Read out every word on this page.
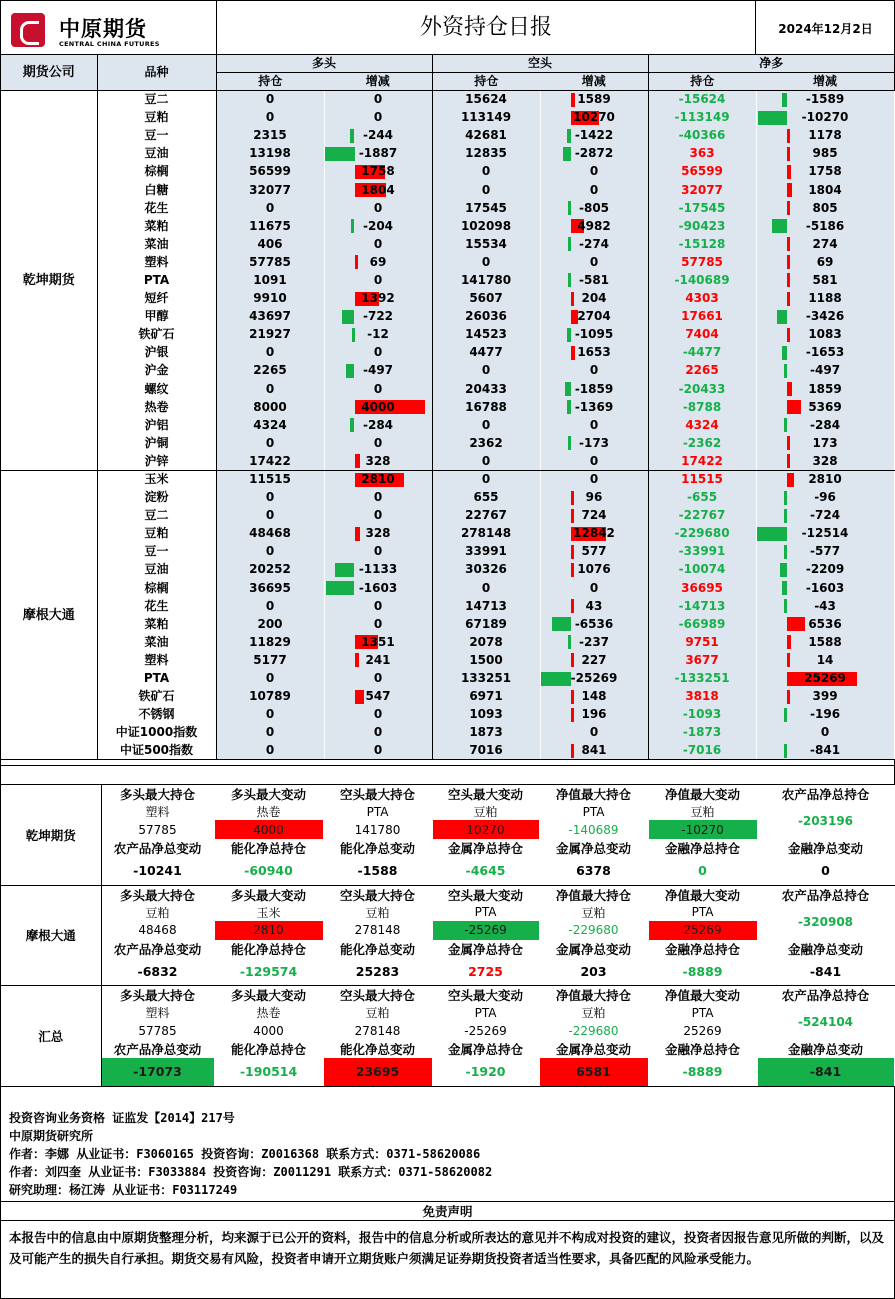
中原期货
CENTRAL CHINA FUTURES
外资持仓日报	2024年12月2日
期货公司	品种	多头		空头		净多	
		持仓	增减	持仓	增减	持仓	增减
乾坤期货	豆二	0	0	15624	1589	-15624	-1589
	豆粕	0	0	113149	10270	-113149	-10270
	豆一	2315	-244	42681	-1422	-40366	1178
	豆油	13198	-1887	12835	-2872	363	985
	棕榈	56599	1758	0	0	56599	1758
	白糖	32077	1804	0	0	32077	1804
	花生	0	0	17545	-805	-17545	805
	菜粕	11675	-204	102098	4982	-90423	-5186
	菜油	406	0	15534	-274	-15128	274
	塑料	57785	69	0	0	57785	69
	PTA	1091	0	141780	-581	-140689	581
	短纤	9910	1392	5607	204	4303	1188
	甲醇	43697	-722	26036	2704	17661	-3426
	铁矿石	21927	-12	14523	-1095	7404	1083
	沪银	0	0	4477	1653	-4477	-1653
	沪金	2265	-497	0	0	2265	-497
	螺纹	0	0	20433	-1859	-20433	1859
	热卷	8000	4000	16788	-1369	-8788	5369
	沪铝	4324	-284	0	0	4324	-284
	沪铜	0	0	2362	-173	-2362	173
	沪锌	17422	328	0	0	17422	328
摩根大通	玉米	11515	2810	0	0	11515	2810
	淀粉	0	0	655	96	-655	-96
	豆二	0	0	22767	724	-22767	-724
	豆粕	48468	328	278148	12842	-229680	-12514
	豆一	0	0	33991	577	-33991	-577
	豆油	20252	-1133	30326	1076	-10074	-2209
	棕榈	36695	-1603	0	0	36695	-1603
	花生	0	0	14713	43	-14713	-43
	菜粕	200	0	67189	-6536	-66989	6536
	菜油	11829	1351	2078	-237	9751	1588
	塑料	5177	241	1500	227	3677	14
	PTA	0	0	133251	-25269	-133251	25269
	铁矿石	10789	547	6971	148	3818	399
	不锈钢	0	0	1093	196	-1093	-196
	中证1000指数	0	0	1873	0	-1873	0
	中证500指数	0	0	7016	841	-7016	-841
乾坤期货	多头最大持仓	多头最大变动	空头最大持仓	空头最大变动	净值最大持仓	净值最大变动	农产品净总持仓
	塑料	热卷	PTA	豆粕	PTA	豆粕	-203196
	57785	4000	141780	10270	-140689	-10270	
	农产品净总变动	能化净总持仓	能化净总变动	金属净总持仓	金属净总变动	金融净总持仓	金融净总变动
	-10241	-60940	-1588	-4645	6378	0	0
摩根大通	多头最大持仓	多头最大变动	空头最大持仓	空头最大变动	净值最大持仓	净值最大变动	农产品净总持仓
	豆粕	玉米	豆粕	PTA	豆粕	PTA	-320908
	48468	2810	278148	-25269	-229680	25269	
	农产品净总变动	能化净总持仓	能化净总变动	金属净总持仓	金属净总变动	金融净总持仓	金融净总变动
	-6832	-129574	25283	2725	203	-8889	-841
汇总	多头最大持仓	多头最大变动	空头最大持仓	空头最大变动	净值最大持仓	净值最大变动	农产品净总持仓
	塑料	热卷	豆粕	PTA	豆粕	PTA	-524104
	57785	4000	278148	-25269	-229680	25269	
	农产品净总变动	能化净总持仓	能化净总变动	金属净总持仓	金属净总变动	金融净总持仓	金融净总变动
	-17073	-190514	23695	-1920	6581	-8889	-841
投资咨询业务资格 证监发【2014】217号
中原期货研究所
作者：李娜 从业证书：F3060165 投资咨询：Z0016368 联系方式：0371-58620086
作者：刘四奎 从业证书：F3033884 投资咨询：Z0011291 联系方式：0371-58620082
研究助理：杨江涛 从业证书：F03117249
免责声明
本报告中的信息由中原期货整理分析，均来源于已公开的资料，报告中的信息分析或所表达的意见并不构成对投资的建议，投资者因报告意见所做的判断，以及及可能产生的损失自行承担。期货交易有风险，投资者申请开立期货账户须满足证券期货投资者适当性要求，具备匹配的风险承受能力。
